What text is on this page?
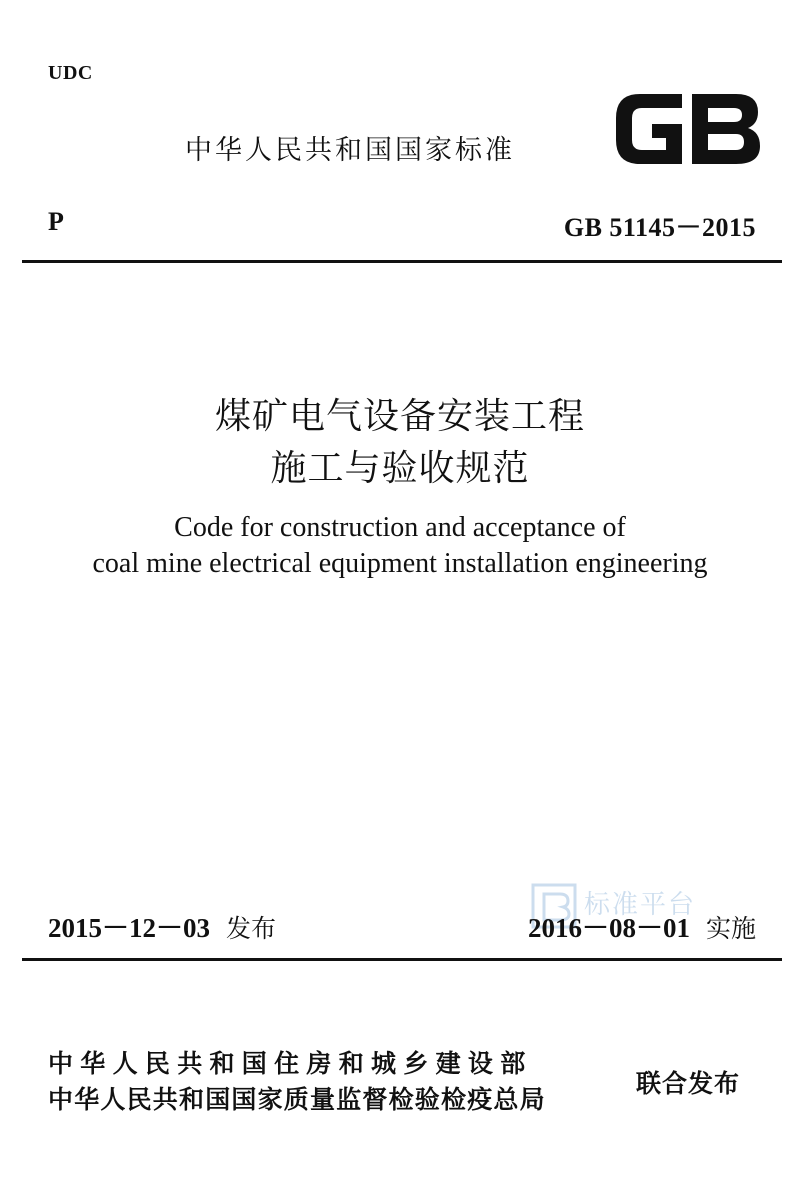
UDC
中华人民共和国国家标准
P	GB 51145－2015
煤矿电气设备安装工程
施工与验收规范
Code for construction and acceptance of
coal mine electrical equipment installation engineering
标准平台
2015－12－03 发布	2016－08－01 实施
中华人民共和国住房和城乡建设部
中华人民共和国国家质量监督检验检疫总局
联合发布
